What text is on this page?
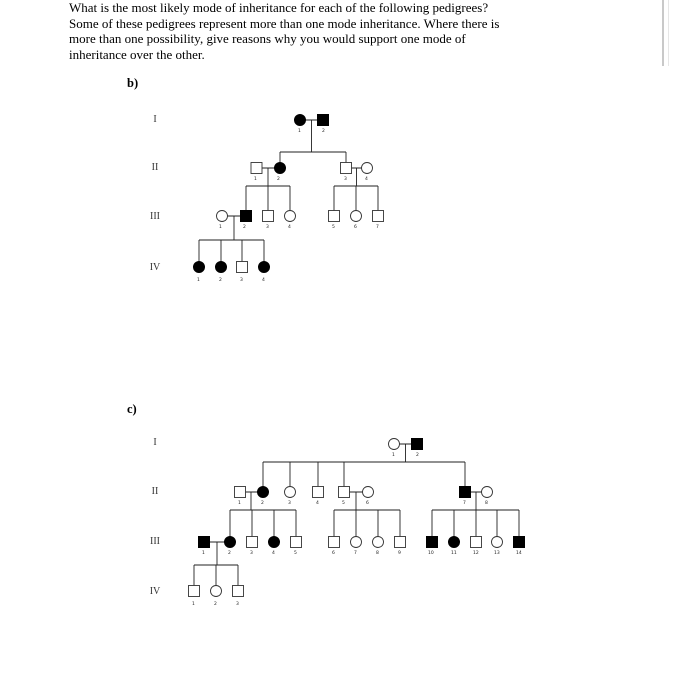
What is the most likely mode of inheritance for each of the following pedigrees?
Some of these pedigrees represent more than one mode inheritance. Where there is
more than one possibility, give reasons why you would support one mode of
inheritance over the other.
b)
c)
I
II
III
IV
I
II
III
IV
1	2
1	2	3	4
1	2	3	4	5	6	7
1	2	3	4
1	2
1	2	3	4	5	6	7	8
1	2	3	4	5	6	7	8	9	10	11	12	13	14
1	2	3
